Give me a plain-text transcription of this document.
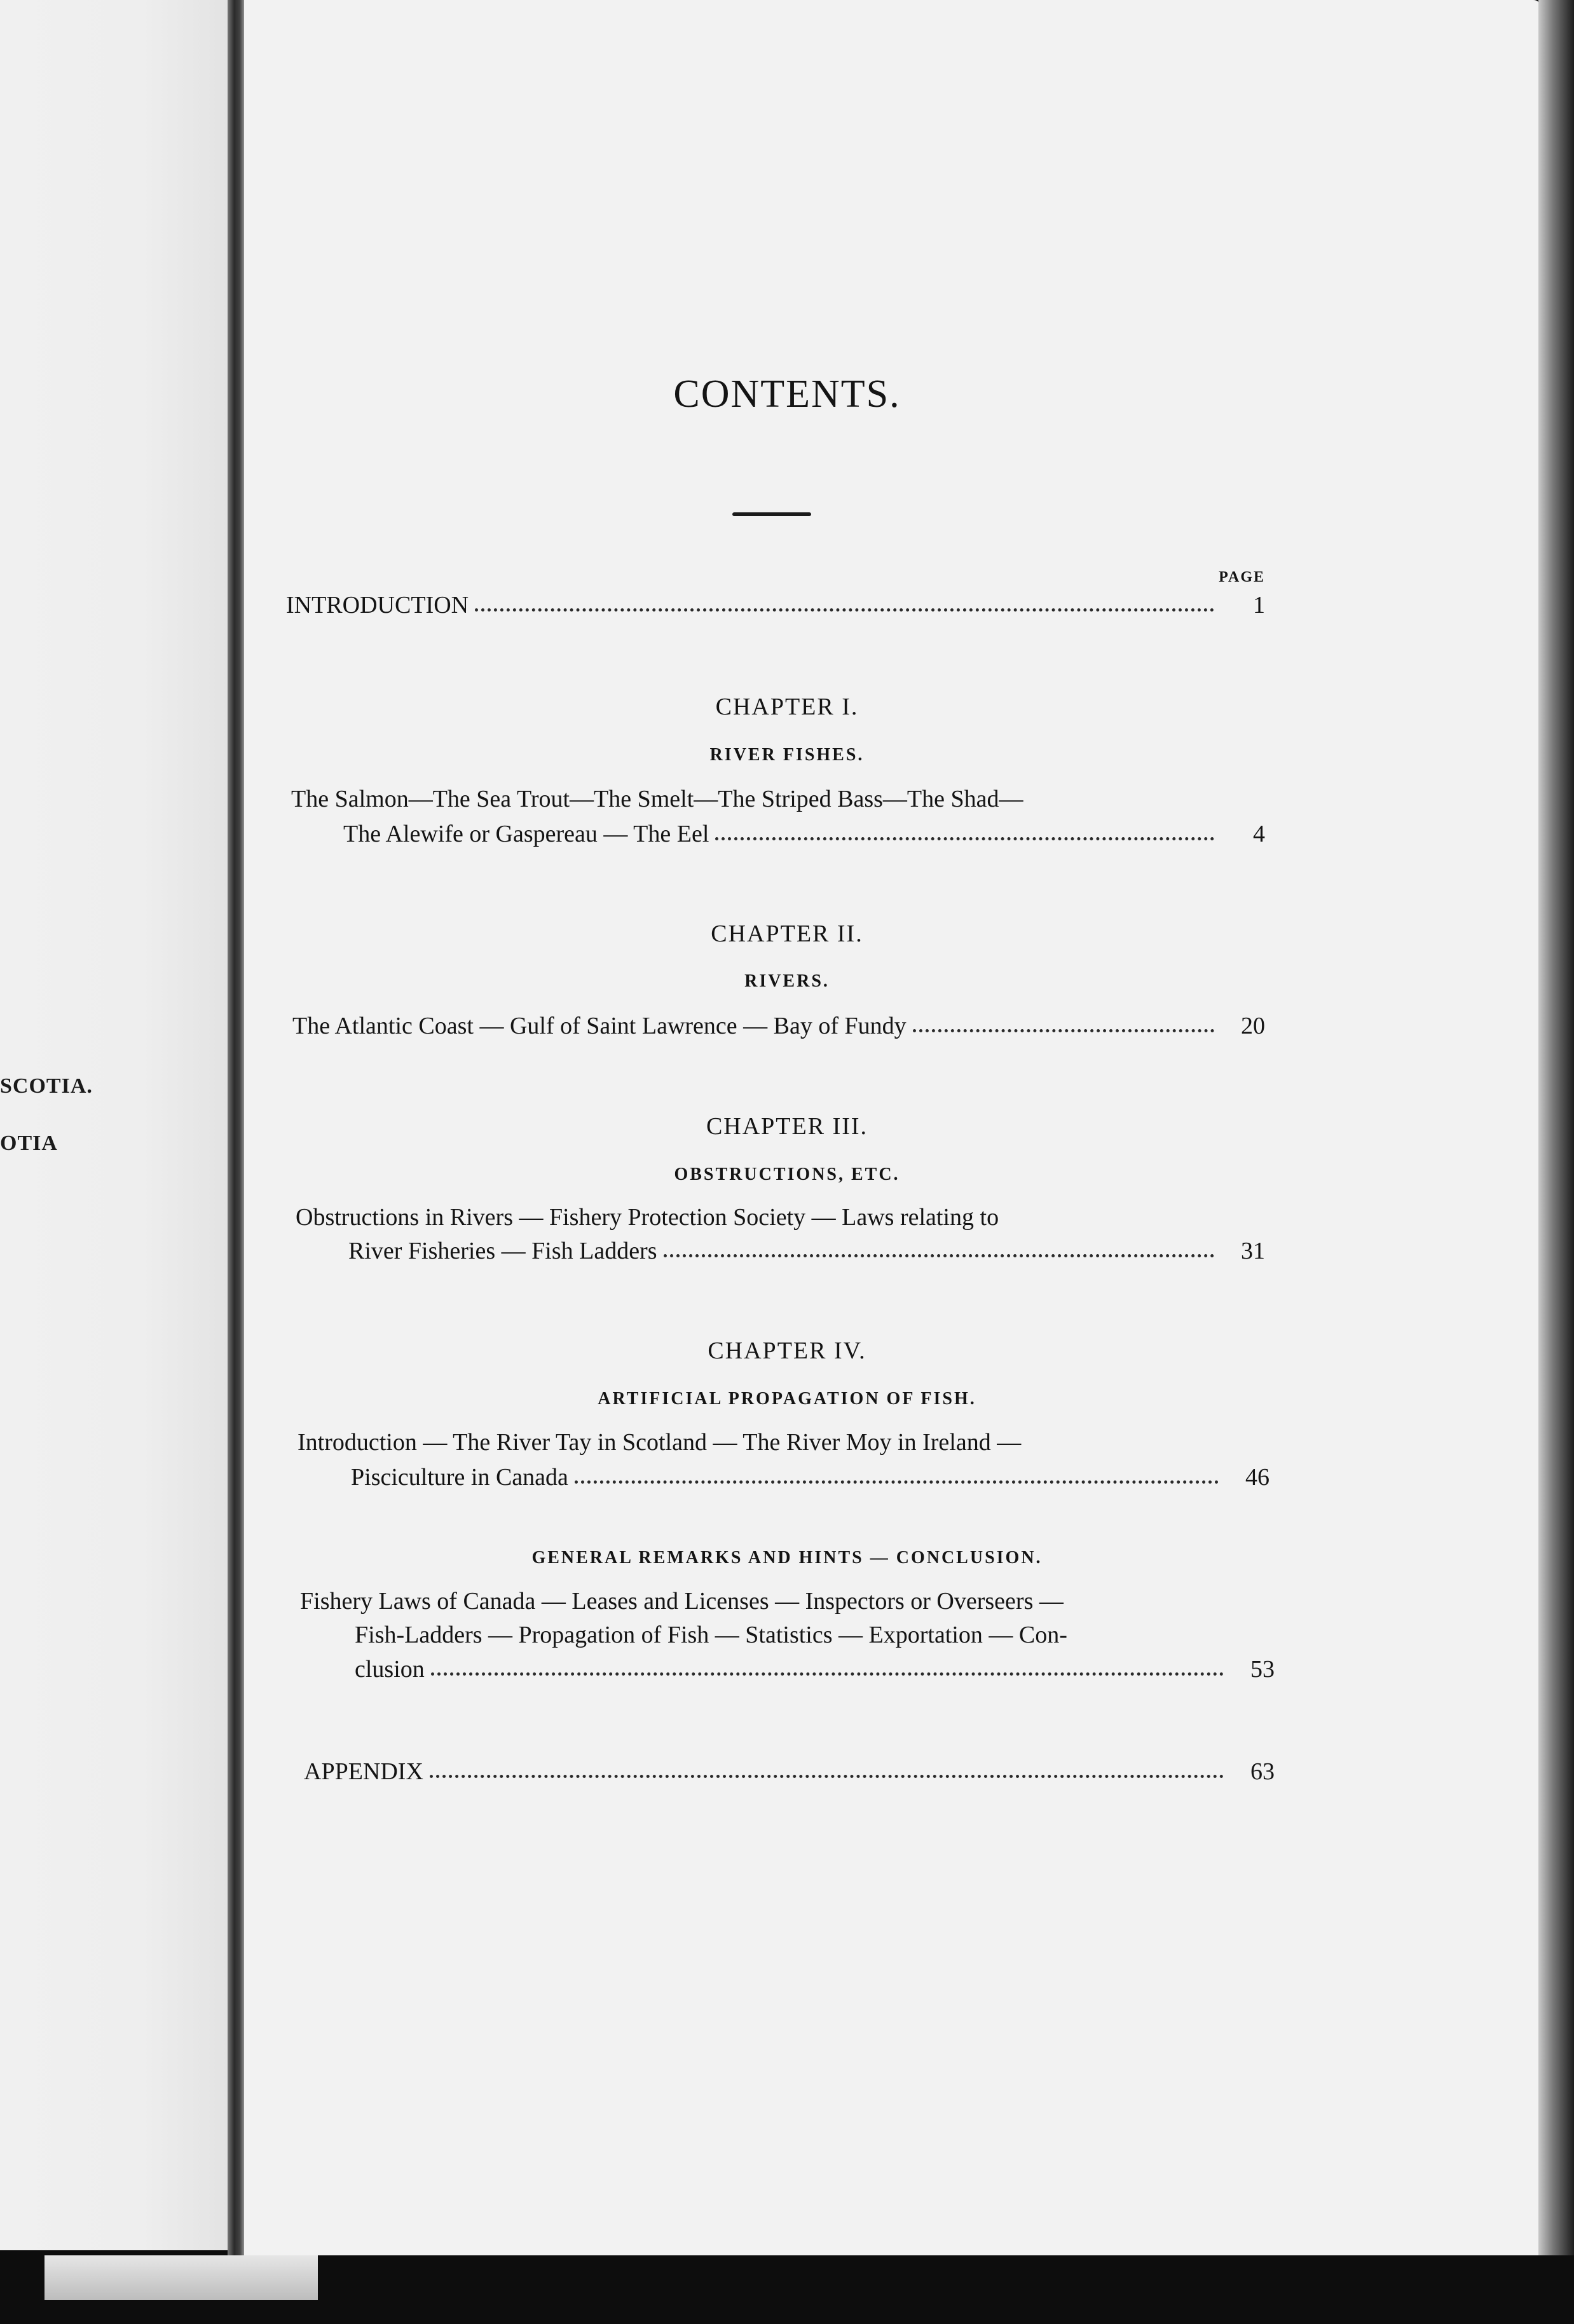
SCOTIA.
OTIA
CONTENTS.
PAGE
INTRODUCTION	1
CHAPTER I.
RIVER FISHES.
The Salmon—The Sea Trout—The Smelt—The Striped Bass—The Shad—
The Alewife or Gaspereau — The Eel	4
CHAPTER II.
RIVERS.
The Atlantic Coast — Gulf of Saint Lawrence — Bay of Fundy	20
CHAPTER III.
OBSTRUCTIONS, ETC.
Obstructions in Rivers — Fishery Protection Society — Laws relating to
River Fisheries — Fish Ladders	31
CHAPTER IV.
ARTIFICIAL PROPAGATION OF FISH.
Introduction — The River Tay in Scotland — The River Moy in Ireland —
Pisciculture in Canada	46
GENERAL REMARKS AND HINTS — CONCLUSION.
Fishery Laws of Canada — Leases and Licenses — Inspectors or Overseers —
Fish-Ladders — Propagation of Fish — Statistics — Exportation — Con-
clusion	53
APPENDIX	63
